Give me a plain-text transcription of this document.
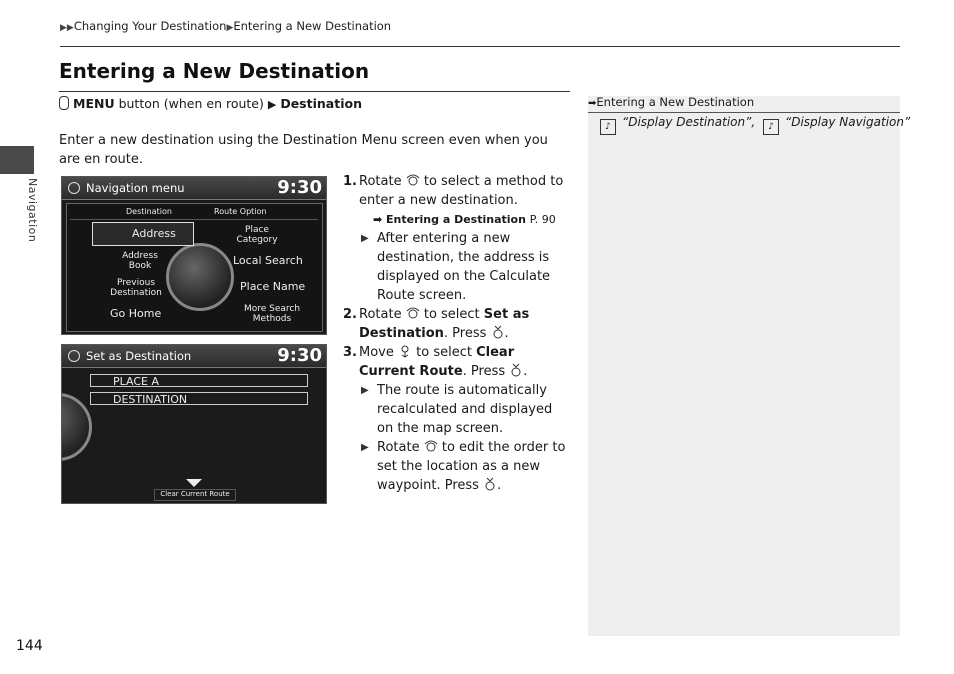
▶▶Changing Your Destination▶Entering a New Destination
Navigation
Entering a New Destination
MENU button (when en route) ▶ Destination
Enter a new destination using the Destination Menu screen even when you are en route.
Navigation menu	9:30
Destination	Route Option
Address	Place Category
Address Book	Local Search
Previous Destination	Place Name
Go Home	More Search Methods
Set as Destination	9:30
PLACE A
DESTINATION
Clear Current Route
1. Rotate to select a method to enter a new destination.
➡ Entering a Destination P. 90
▶ After entering a new destination, the address is displayed on the Calculate Route screen.
2. Rotate to select Set as Destination. Press .
3. Move to select Clear Current Route. Press .
▶ The route is automatically recalculated and displayed on the map screen.
▶ Rotate to edit the order to set the location as a new waypoint. Press .
➡Entering a New Destination
♪ “Display Destination”, ♪ “Display Navigation”
144
